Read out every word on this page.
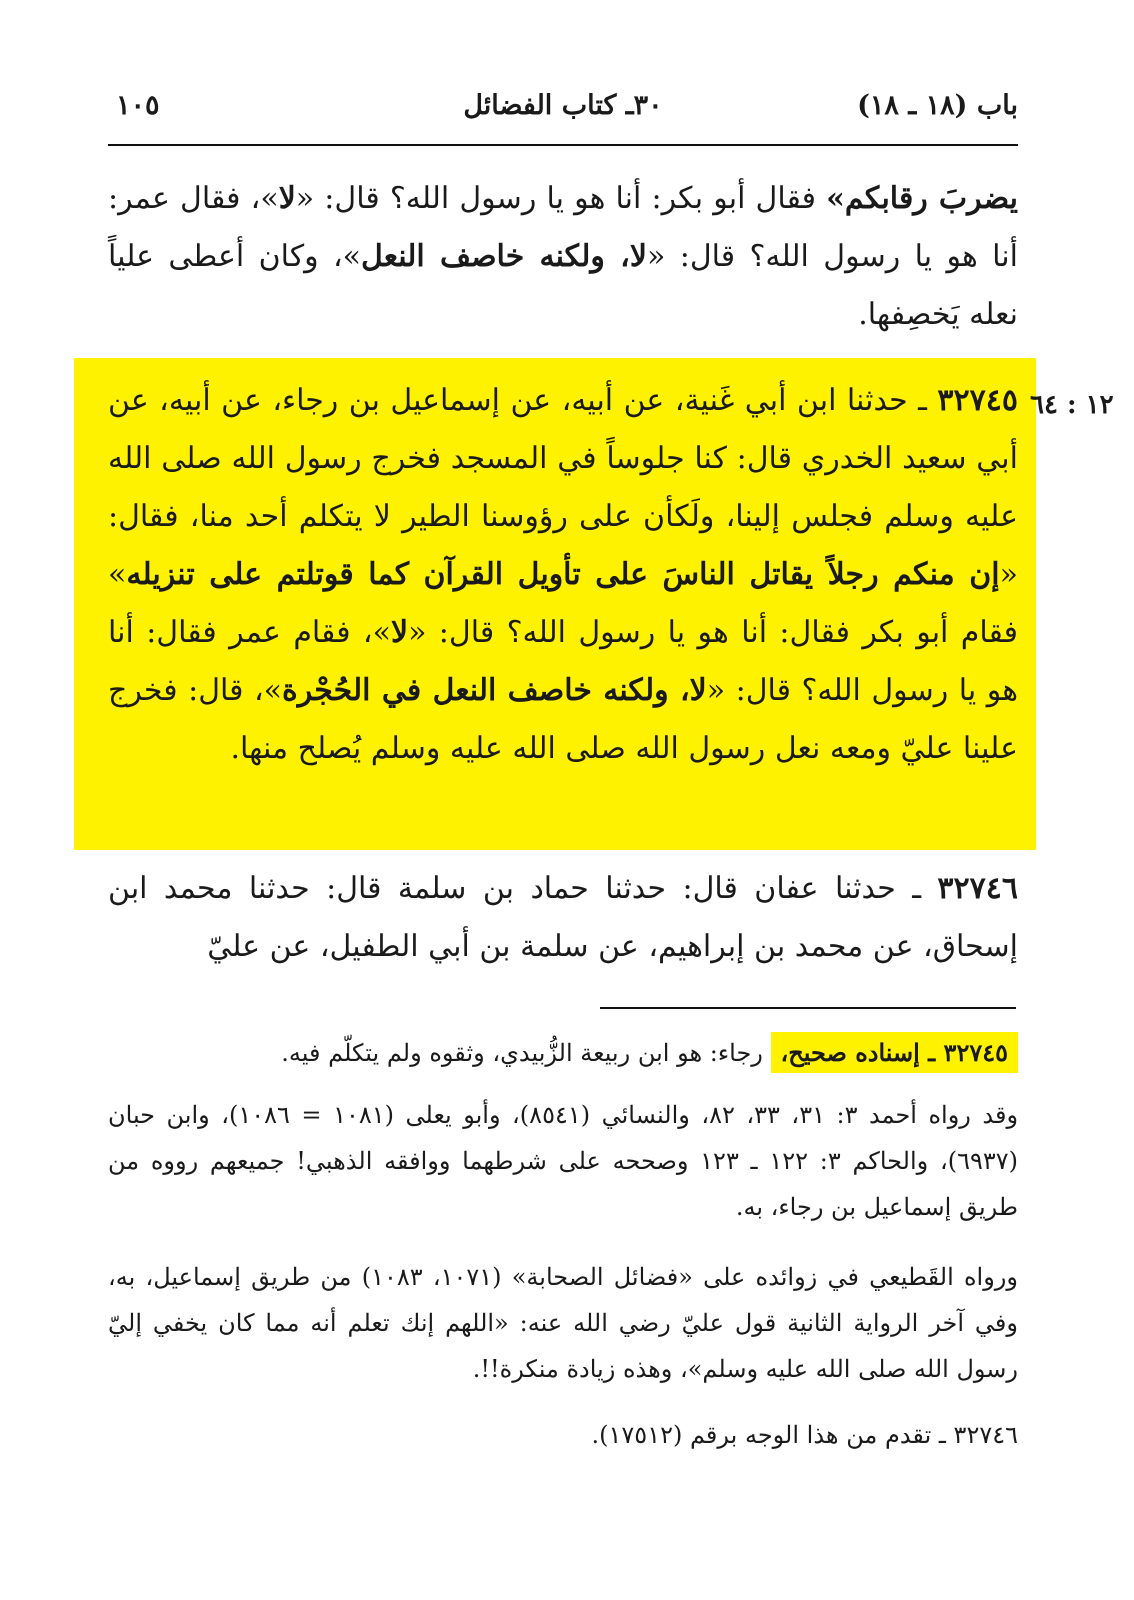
باب (١٨ ـ ١٨)
٣٠ـ كتاب الفضائل
١٠٥
يضربَ رقابكم» فقال أبو بكر: أنا هو يا رسول الله؟ قال: «لا»، فقال عمر: أنا هو يا رسول الله؟ قال: «لا، ولكنه خاصف النعل»، وكان أعطى علياً نعله يَخصِفها.
١٢ : ٦٤
٣٢٧٤٥ ـ حدثنا ابن أبي غَنية، عن أبيه، عن إسماعيل بن رجاء، عن أبيه، عن أبي سعيد الخدري قال: كنا جلوساً في المسجد فخرج رسول الله صلى الله عليه وسلم فجلس إلينا، ولَكأن على رؤوسنا الطير لا يتكلم أحد منا، فقال: «إن منكم رجلاً يقاتل الناسَ على تأويل القرآن كما قوتلتم على تنزيله» فقام أبو بكر فقال: أنا هو يا رسول الله؟ قال: «لا»، فقام عمر فقال: أنا هو يا رسول الله؟ قال: «لا، ولكنه خاصف النعل في الحُجْرة»، قال: فخرج علينا عليّ ومعه نعل رسول الله صلى الله عليه وسلم يُصلح منها.
٣٢٧٤٦ ـ حدثنا عفان قال: حدثنا حماد بن سلمة قال: حدثنا محمد ابن إسحاق، عن محمد بن إبراهيم، عن سلمة بن أبي الطفيل، عن عليّ
٣٢٧٤٥ ـ إسناده صحيح، رجاء: هو ابن ربيعة الزُّبيدي، وثقوه ولم يتكلّم فيه.
وقد رواه أحمد ٣: ٣١، ٣٣، ٨٢، والنسائي (٨٥٤١)، وأبو يعلى (١٠٨١ = ١٠٨٦)، وابن حبان (٦٩٣٧)، والحاكم ٣: ١٢٢ ـ ١٢٣ وصححه على شرطهما ووافقه الذهبي! جميعهم رووه من طريق إسماعيل بن رجاء، به.
ورواه القَطيعي في زوائده على «فضائل الصحابة» (١٠٧١، ١٠٨٣) من طريق إسماعيل، به، وفي آخر الرواية الثانية قول عليّ رضي الله عنه: «اللهم إنك تعلم أنه مما كان يخفي إليّ رسول الله صلى الله عليه وسلم»، وهذه زيادة منكرة!!.
٣٢٧٤٦ ـ تقدم من هذا الوجه برقم (١٧٥١٢).
